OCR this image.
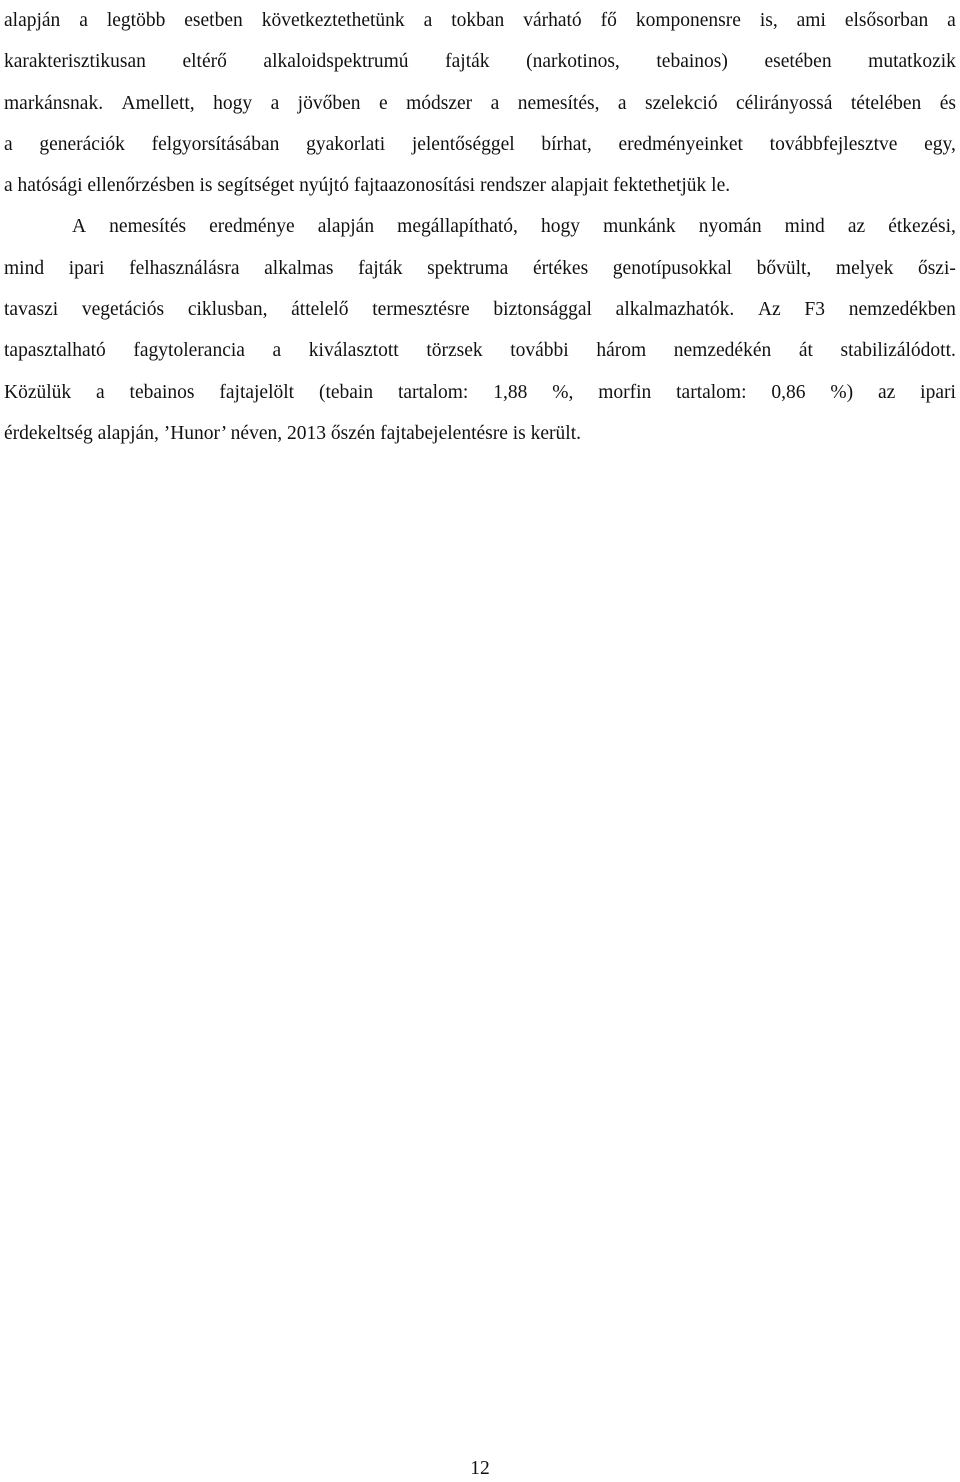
alapján a legtöbb esetben következtethetünk a tokban várható fő komponensre is, ami elsősorban a
karakterisztikusan eltérő alkaloidspektrumú fajták (narkotinos, tebainos) esetében mutatkozik
markánsnak. Amellett, hogy a jövőben e módszer a nemesítés, a szelekció célirányossá tételében és
a generációk felgyorsításában gyakorlati jelentőséggel bírhat, eredményeinket továbbfejlesztve egy,
a hatósági ellenőrzésben is segítséget nyújtó fajtaazonosítási rendszer alapjait fektethetjük le.
A nemesítés eredménye alapján megállapítható, hogy munkánk nyomán mind az étkezési,
mind ipari felhasználásra alkalmas fajták spektruma értékes genotípusokkal bővült, melyek őszi-
tavaszi vegetációs ciklusban, áttelelő termesztésre biztonsággal alkalmazhatók. Az F3 nemzedékben
tapasztalható fagytolerancia a kiválasztott törzsek további három nemzedékén át stabilizálódott.
Közülük a tebainos fajtajelölt (tebain tartalom: 1,88 %, morfin tartalom: 0,86 %) az ipari
érdekeltség alapján, ’Hunor’ néven, 2013 őszén fajtabejelentésre is került.
12
